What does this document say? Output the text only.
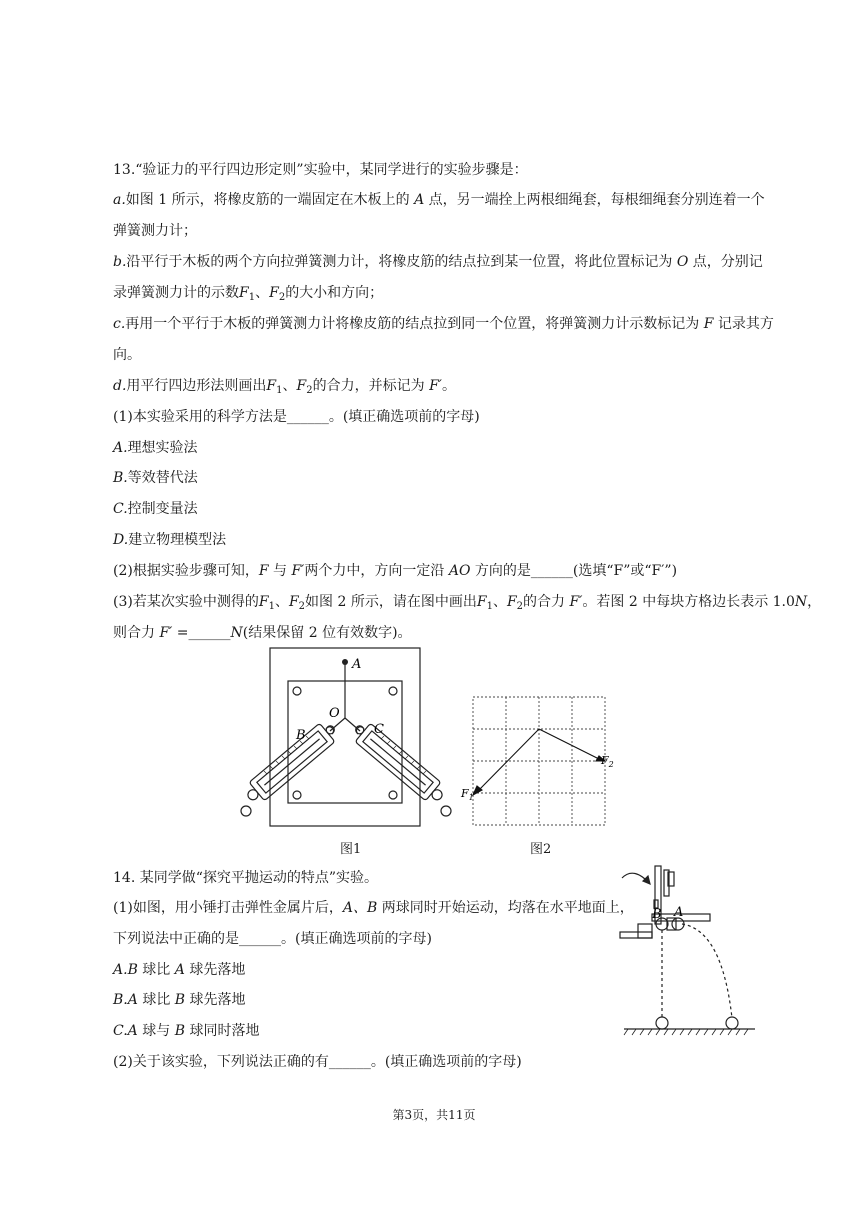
13.“验证力的平行四边形定则”实验中，某同学进行的实验步骤是：
a.如图 1 所示，将橡皮筋的一端固定在木板上的 A 点，另一端拴上两根细绳套，每根细绳套分别连着一个
弹簧测力计；
b.沿平行于木板的两个方向拉弹簧测力计，将橡皮筋的结点拉到某一位置，将此位置标记为 O 点，分别记
录弹簧测力计的示数$F_1$、$F_2$的大小和方向；
c.再用一个平行于木板的弹簧测力计将橡皮筋的结点拉到同一个位置，将弹簧测力计示数标记为 F 记录其方
向。
d.用平行四边形法则画出$F_1$、$F_2$的合力，并标记为 F′。
(1)本实验采用的科学方法是______。(填正确选项前的字母)
A.理想实验法
B.等效替代法
C.控制变量法
D.建立物理模型法
(2)根据实验步骤可知，F 与 F′两个力中，方向一定沿 AO 方向的是______(选填“F”或“F′”)
(3)若某次实验中测得的$F_1$、$F_2$如图 2 所示，请在图中画出$F_1$、$F_2$的合力 F′。若图 2 中每块方格边长表示 1.0N，
则合力 F′ =______N(结果保留 2 位有效数字)。
A
O
B	C
图1
$F_1$
$F_2$
图2
14. 某同学做“探究平抛运动的特点”实验。
(1)如图，用小锤打击弹性金属片后，A、B 两球同时开始运动，均落在水平地面上，
下列说法中正确的是______。(填正确选项前的字母)
A.B 球比 A 球先落地
B.A 球比 B 球先落地
C.A 球与 B 球同时落地
(2)关于该实验，下列说法正确的有______。(填正确选项前的字母)
B A
第3页，共11页
